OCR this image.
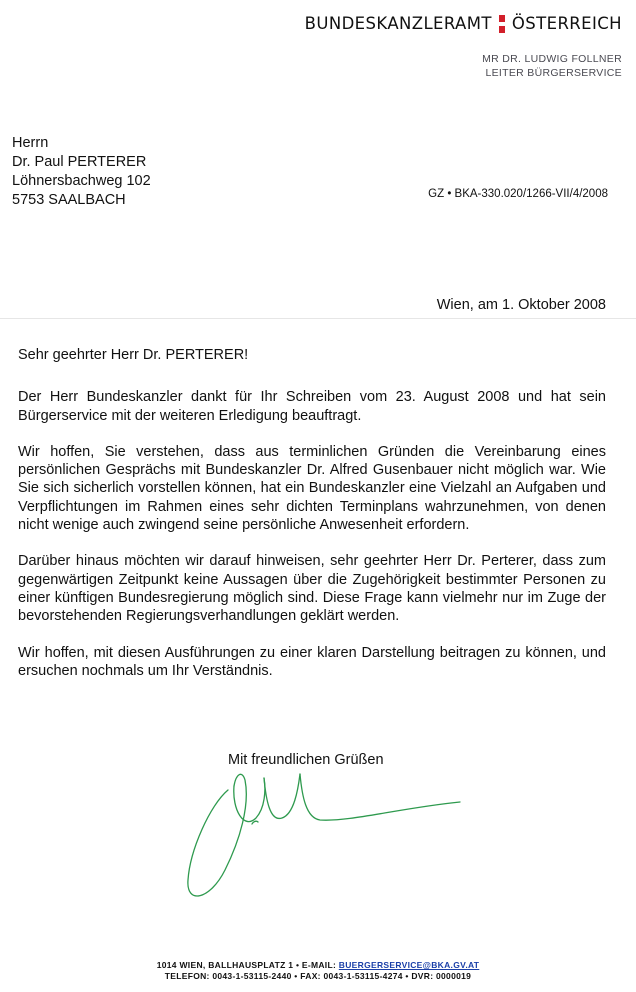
BUNDESKANZLERAMT ÖSTERREICH
MR DR. LUDWIG FOLLNER
LEITER BÜRGERSERVICE
Herrn
Dr. Paul PERTERER
Löhnersbachweg 102
5753 SAALBACH	GZ • BKA-330.020/1266-VII/4/2008
Wien, am 1. Oktober 2008

Sehr geehrter Herr Dr. PERTERER!

Der Herr Bundeskanzler dankt für Ihr Schreiben vom 23. August 2008 und hat sein Bürgerservice mit der weiteren Erledigung beauftragt.

Wir hoffen, Sie verstehen, dass aus terminlichen Gründen die Vereinbarung eines persönlichen Gesprächs mit Bundeskanzler Dr. Alfred Gusenbauer nicht möglich war. Wie Sie sich sicherlich vorstellen können, hat ein Bundeskanzler eine Vielzahl an Aufgaben und Verpflichtungen im Rahmen eines sehr dichten Terminplans wahrzunehmen, von denen nicht wenige auch zwingend seine persönliche Anwesenheit erfordern.

Darüber hinaus möchten wir darauf hinweisen, sehr geehrter Herr Dr. Perterer, dass zum gegenwärtigen Zeitpunkt keine Aussagen über die Zugehörigkeit bestimmter Personen zu einer künftigen Bundesregierung möglich sind. Diese Frage kann vielmehr nur im Zuge der bevorstehenden Regierungsverhandlungen geklärt werden.

Wir hoffen, mit diesen Ausführungen zu einer klaren Darstellung beitragen zu können, und ersuchen nochmals um Ihr Verständnis.

Mit freundlichen Grüßen
1014 WIEN, BALLHAUSPLATZ 1 • E-MAIL: BUERGERSERVICE@BKA.GV.AT
TELEFON: 0043-1-53115-2440 • FAX: 0043-1-53115-4274 • DVR: 0000019
